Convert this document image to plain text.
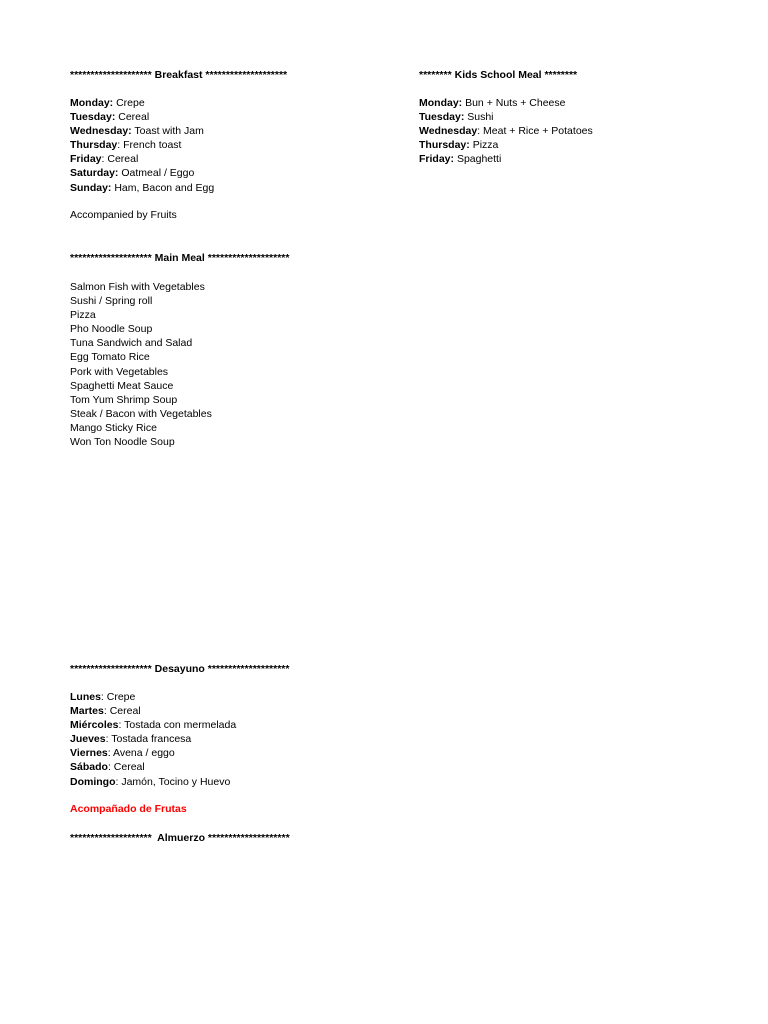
******************** Breakfast ********************
Monday: Crepe
Tuesday: Cereal
Wednesday: Toast with Jam
Thursday: French toast
Friday: Cereal
Saturday: Oatmeal / Eggo
Sunday: Ham, Bacon and Egg
Accompanied by Fruits
******************** Main Meal ********************
Salmon Fish with Vegetables
Sushi / Spring roll
Pizza
Pho Noodle Soup
Tuna Sandwich and Salad
Egg Tomato Rice
Pork with Vegetables
Spaghetti Meat Sauce
Tom Yum Shrimp Soup
Steak / Bacon with Vegetables
Mango Sticky Rice
Won Ton Noodle Soup
******** Kids School Meal ********
Monday: Bun + Nuts + Cheese
Tuesday: Sushi
Wednesday: Meat + Rice + Potatoes
Thursday: Pizza
Friday: Spaghetti
******************** Desayuno ********************
Lunes: Crepe
Martes: Cereal
Miércoles: Tostada con mermelada
Jueves: Tostada francesa
Viernes: Avena / eggo
Sábado: Cereal
Domingo: Jamón, Tocino y Huevo
Acompañado de Frutas
********************  Almuerzo ********************
